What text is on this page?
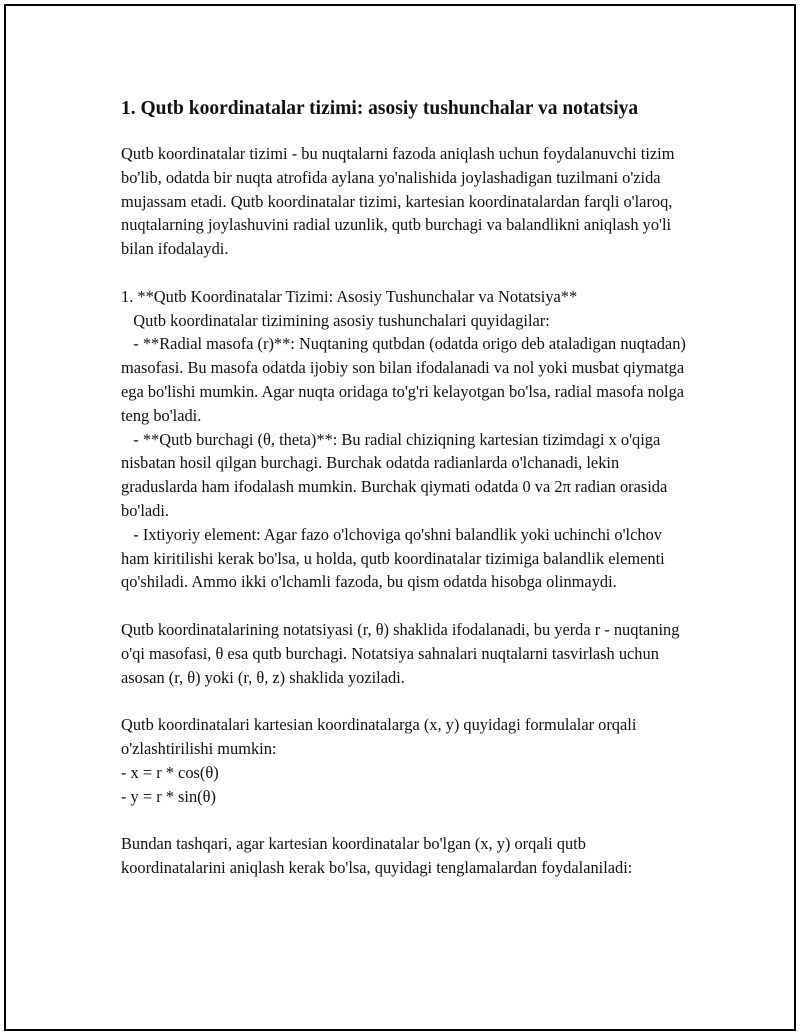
1. Qutb koordinatalar tizimi: asosiy tushunchalar va notatsiya

Qutb koordinatalar tizimi - bu nuqtalarni fazoda aniqlash uchun foydalanuvchi tizim bo'lib, odatda bir nuqta atrofida aylana yo'nalishida joylashadigan tuzilmani o'zida mujassam etadi. Qutb koordinatalar tizimi, kartesian koordinatalardan farqli o'laroq, nuqtalarning joylashuvini radial uzunlik, qutb burchagi va balandlikni aniqlash yo'li bilan ifodalaydi.

1. **Qutb Koordinatalar Tizimi: Asosiy Tushunchalar va Notatsiya**
Qutb koordinatalar tizimining asosiy tushunchalari quyidagilar:
- **Radial masofa (r)**: Nuqtaning qutbdan (odatda origo deb ataladigan nuqtadan) masofasi. Bu masofa odatda ijobiy son bilan ifodalanadi va nol yoki musbat qiymatga ega bo'lishi mumkin. Agar nuqta oridaga to'g'ri kelayotgan bo'lsa, radial masofa nolga teng bo'ladi.
- **Qutb burchagi (θ, theta)**: Bu radial chiziqning kartesian tizimdagi x o'qiga nisbatan hosil qilgan burchagi. Burchak odatda radianlarda o'lchanadi, lekin graduslarda ham ifodalash mumkin. Burchak qiymati odatda 0 va 2π radian orasida bo'ladi.
- Ixtiyoriy element: Agar fazo o'lchoviga qo'shni balandlik yoki uchinchi o'lchov ham kiritilishi kerak bo'lsa, u holda, qutb koordinatalar tizimiga balandlik elementi qo'shiladi. Ammo ikki o'lchamli fazoda, bu qism odatda hisobga olinmaydi.

Qutb koordinatalarining notatsiyasi (r, θ) shaklida ifodalanadi, bu yerda r - nuqtaning o'qi masofasi, θ esa qutb burchagi. Notatsiya sahnalari nuqtalarni tasvirlash uchun asosan (r, θ) yoki (r, θ, z) shaklida yoziladi.

Qutb koordinatalari kartesian koordinatalarga (x, y) quyidagi formulalar orqali o'zlashtirilishi mumkin:
- x = r * cos(θ)
- y = r * sin(θ)

Bundan tashqari, agar kartesian koordinatalar bo'lgan (x, y) orqali qutb koordinatalarini aniqlash kerak bo'lsa, quyidagi tenglamalardan foydalaniladi:
